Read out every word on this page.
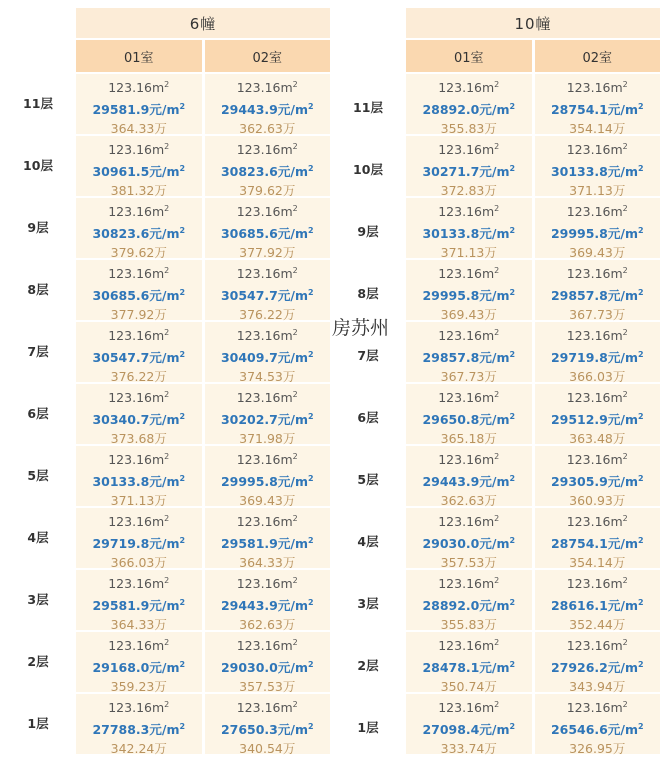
11层
10层
9层
8层
7层
6层
5层
4层
3层
2层
1层
6幢
01室	02室
$123.16m^2$
29581.9元$/m^2$
364.33万
$123.16m^2$
29443.9元$/m^2$
362.63万
$123.16m^2$
30961.5元$/m^2$
381.32万
$123.16m^2$
30823.6元$/m^2$
379.62万
$123.16m^2$
30823.6元$/m^2$
379.62万
$123.16m^2$
30685.6元$/m^2$
377.92万
$123.16m^2$
30685.6元$/m^2$
377.92万
$123.16m^2$
30547.7元$/m^2$
376.22万
$123.16m^2$
30547.7元$/m^2$
376.22万
$123.16m^2$
30409.7元$/m^2$
374.53万
$123.16m^2$
30340.7元$/m^2$
373.68万
$123.16m^2$
30202.7元$/m^2$
371.98万
$123.16m^2$
30133.8元$/m^2$
371.13万
$123.16m^2$
29995.8元$/m^2$
369.43万
$123.16m^2$
29719.8元$/m^2$
366.03万
$123.16m^2$
29581.9元$/m^2$
364.33万
$123.16m^2$
29581.9元$/m^2$
364.33万
$123.16m^2$
29443.9元$/m^2$
362.63万
$123.16m^2$
29168.0元$/m^2$
359.23万
$123.16m^2$
29030.0元$/m^2$
357.53万
$123.16m^2$
27788.3元$/m^2$
342.24万
$123.16m^2$
27650.3元$/m^2$
340.54万
11层
10层
9层
8层
7层
6层
5层
4层
3层
2层
1层
10幢
01室	02室
$123.16m^2$
28892.0元$/m^2$
355.83万
$123.16m^2$
28754.1元$/m^2$
354.14万
$123.16m^2$
30271.7元$/m^2$
372.83万
$123.16m^2$
30133.8元$/m^2$
371.13万
$123.16m^2$
30133.8元$/m^2$
371.13万
$123.16m^2$
29995.8元$/m^2$
369.43万
$123.16m^2$
29995.8元$/m^2$
369.43万
$123.16m^2$
29857.8元$/m^2$
367.73万
$123.16m^2$
29857.8元$/m^2$
367.73万
$123.16m^2$
29719.8元$/m^2$
366.03万
$123.16m^2$
29650.8元$/m^2$
365.18万
$123.16m^2$
29512.9元$/m^2$
363.48万
$123.16m^2$
29443.9元$/m^2$
362.63万
$123.16m^2$
29305.9元$/m^2$
360.93万
$123.16m^2$
29030.0元$/m^2$
357.53万
$123.16m^2$
28754.1元$/m^2$
354.14万
$123.16m^2$
28892.0元$/m^2$
355.83万
$123.16m^2$
28616.1元$/m^2$
352.44万
$123.16m^2$
28478.1元$/m^2$
350.74万
$123.16m^2$
27926.2元$/m^2$
343.94万
$123.16m^2$
27098.4元$/m^2$
333.74万
$123.16m^2$
26546.6元$/m^2$
326.95万
房苏州
